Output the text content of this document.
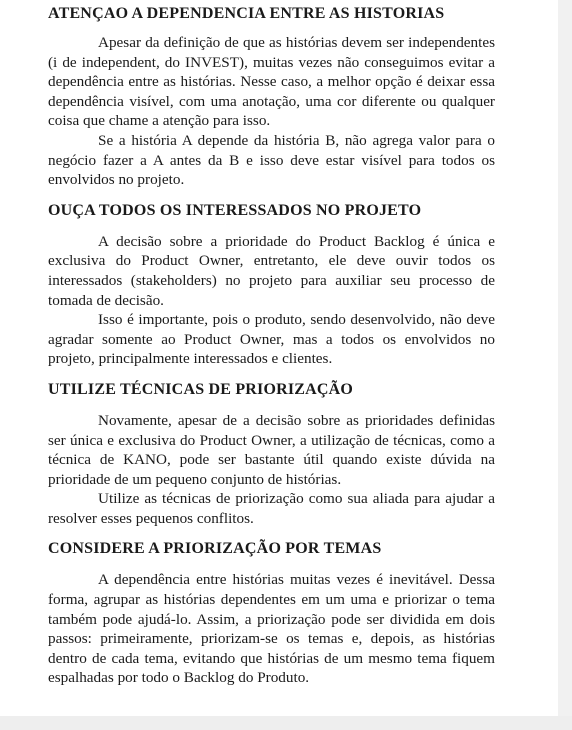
ATENÇAO A DEPENDENCIA ENTRE AS HISTORIAS

Apesar da definição de que as histórias devem ser independentes (i de independent, do INVEST), muitas vezes não conseguimos evitar a dependência entre as histórias. Nesse caso, a melhor opção é deixar essa dependência visível, com uma anotação, uma cor diferente ou qualquer coisa que chame a atenção para isso.

Se a história A depende da história B, não agrega valor para o negócio fazer a A antes da B e isso deve estar visível para todos os envolvidos no projeto.

OUÇA TODOS OS INTERESSADOS NO PROJETO

A decisão sobre a prioridade do Product Backlog é única e exclusiva do Product Owner, entretanto, ele deve ouvir todos os interessados (stakeholders) no projeto para auxiliar seu processo de tomada de decisão.

Isso é importante, pois o produto, sendo desenvolvido, não deve agradar somente ao Product Owner, mas a todos os envolvidos no projeto, principalmente interessados e clientes.

UTILIZE TÉCNICAS DE PRIORIZAÇÃO

Novamente, apesar de a decisão sobre as prioridades definidas ser única e exclusiva do Product Owner, a utilização de técnicas, como a técnica de KANO, pode ser bastante útil quando existe dúvida na prioridade de um pequeno conjunto de histórias.

Utilize as técnicas de priorização como sua aliada para ajudar a resolver esses pequenos conflitos.

CONSIDERE A PRIORIZAÇÃO POR TEMAS

A dependência entre histórias muitas vezes é inevitável. Dessa forma, agrupar as histórias dependentes em um uma e priorizar o tema também pode ajudá-lo. Assim, a priorização pode ser dividida em dois passos: primeiramente, priorizam-se os temas e, depois, as histórias dentro de cada tema, evitando que histórias de um mesmo tema fiquem espalhadas por todo o Backlog do Produto.
